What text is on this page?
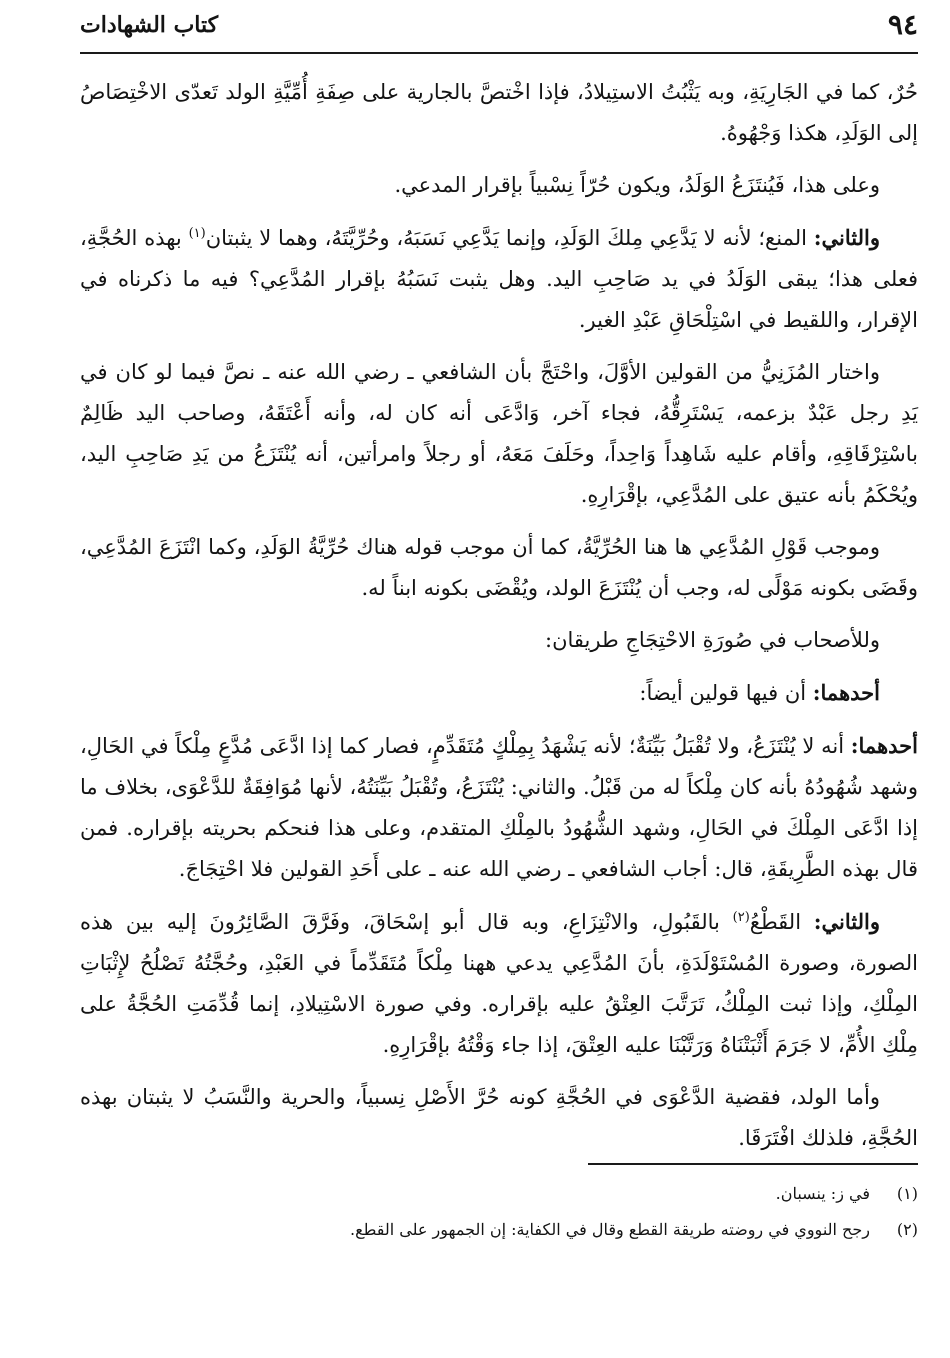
كتاب الشهادات	٩٤

حُرٌ، كما في الجَارِيَةِ، وبه يَثْبُتُ الاستِيلادُ، فإذا اخْتصَّ بالجارية على صِفَةِ أُمِّيَّةِ الولد تَعدّى الاخْتِصَاصُ إلى الوَلَدِ، هكذا وَجْهُوهُ.

وعلى هذا، فَيُنتَزَعُ الوَلَدُ، ويكون حُرّاً نِسْبياً بإقرار المدعي.

والثاني: المنع؛ لأنه لا يَدَّعِي مِلكَ الوَلَدِ، وإنما يَدَّعِي نَسَبَهُ، وحُرِّيَّتَهُ، وهما لا يثبتان$^{(١)}$ بهذه الحُجَّةِ، فعلى هذا؛ يبقى الوَلَدُ في يد صَاحِبِ اليد. وهل يثبت نَسَبُهُ بإقرار المُدَّعِي؟ فيه ما ذكرناه في الإقرار، واللقيط في اسْتِلْحَاقِ عَبْدِ الغير.

واختار المُزَنِيُّ من القولين الأوَّلَ، واحْتَجَّ بأن الشافعي ـ رضي الله عنه ـ نصَّ فيما لو كان في يَدِ رجل عَبْدٌ بزعمه، يَسْتَرِقُّهُ، فجاء آخر، وَادَّعَى أنه كان له، وأنه أَعْتَقَهُ، وصاحب اليد ظَالِمٌ باسْتِرْقَاقِهِ، وأقام عليه شَاهِداً وَاحِداً، وحَلَفَ مَعَهُ، أو رجلاً وامرأتين، أنه يُنْتَزَعُ من يَدِ صَاحِبِ اليد، ويُحْكَمُ بأنه عتيق على المُدَّعِي، بإقْرَارِهِ.

وموجب قَوْلِ المُدَّعِي ها هنا الحُرِّيَّةُ، كما أن موجب قوله هناك حُرِّيَّةُ الوَلَدِ، وكما انْتَزَعَ المُدَّعِي، وقَضَى بكونه مَوْلًى له، وجب أن يُنْتَزَعَ الولد، ويُقْضَى بكونه ابناً له.

وللأصحاب في صُورَةِ الاحْتِجَاجِ طريقان:

أحدهما: أن فيها قولين أيضاً:

أحدهما: أنه لا يُنْتَزَعُ، ولا تُقْبَلُ بَيِّنَةٌ؛ لأنه يَشْهَدُ بِمِلْكٍ مُتَقَدِّمٍ، فصار كما إذا ادَّعَى مُدَّعٍ مِلْكاً في الحَالِ، وشهد شُهُودُهُ بأنه كان مِلْكاً له من قَبْلُ. والثاني: يُنْتَزَعُ، وتُقْبَلُ بَيِّنَتُهُ، لأنها مُوَافِقَةٌ للدَّعْوَى، بخلاف ما إذا ادَّعَى المِلْكَ في الحَالِ، وشهد الشُّهُودُ بالمِلْكِ المتقدم، وعلى هذا فنحكم بحريته بإقراره. فمن قال بهذه الطَّرِيقَةِ، قال: أجاب الشافعي ـ رضي الله عنه ـ على أَحَدِ القولين فلا احْتِجَاجَ.

والثاني: القَطْعُ$^{(٢)}$ بالقَبُولِ، والانْتِزَاعِ، وبه قال أبو إسْحَاقَ، وفَرَّقَ الصَّائِرُونَ إليه بين هذه الصورة، وصورة المُسْتَوْلَدَةِ، بأنَ المُدَّعِي يدعي ههنا مِلْكاً مُتَقَدِّماً في العَبْدِ، وحُجَّتُهُ تَصْلُحُ لإِثْبَاتِ المِلْكِ، وإذا ثبت المِلْكُ، تَرَتَّبَ العِتْقُ عليه بإقراره. وفي صورة الاسْتِيلادِ، إنما قُدِّمَتِ الحُجَّةُ على مِلْكِ الأُمِّ، لا جَرَمَ أَثْبَتْنَاهُ وَرَتَّبْنَا عليه العِتْقَ، إذا جاء وَقْتُهُ بإقْرَارِهِ.

وأما الولد، فقضية الدَّعْوَى في الحُجَّةِ كونه حُرَّ الأَصْلِ نِسبياً، والحرية والنَّسَبُ لا يثبتان بهذه الحُجَّةِ، فلذلك افْتَرَقَا.

(١)في ز: ينسبان.

(٢)رجح النووي في روضته طريقة القطع وقال في الكفاية: إن الجمهور على القطع.
